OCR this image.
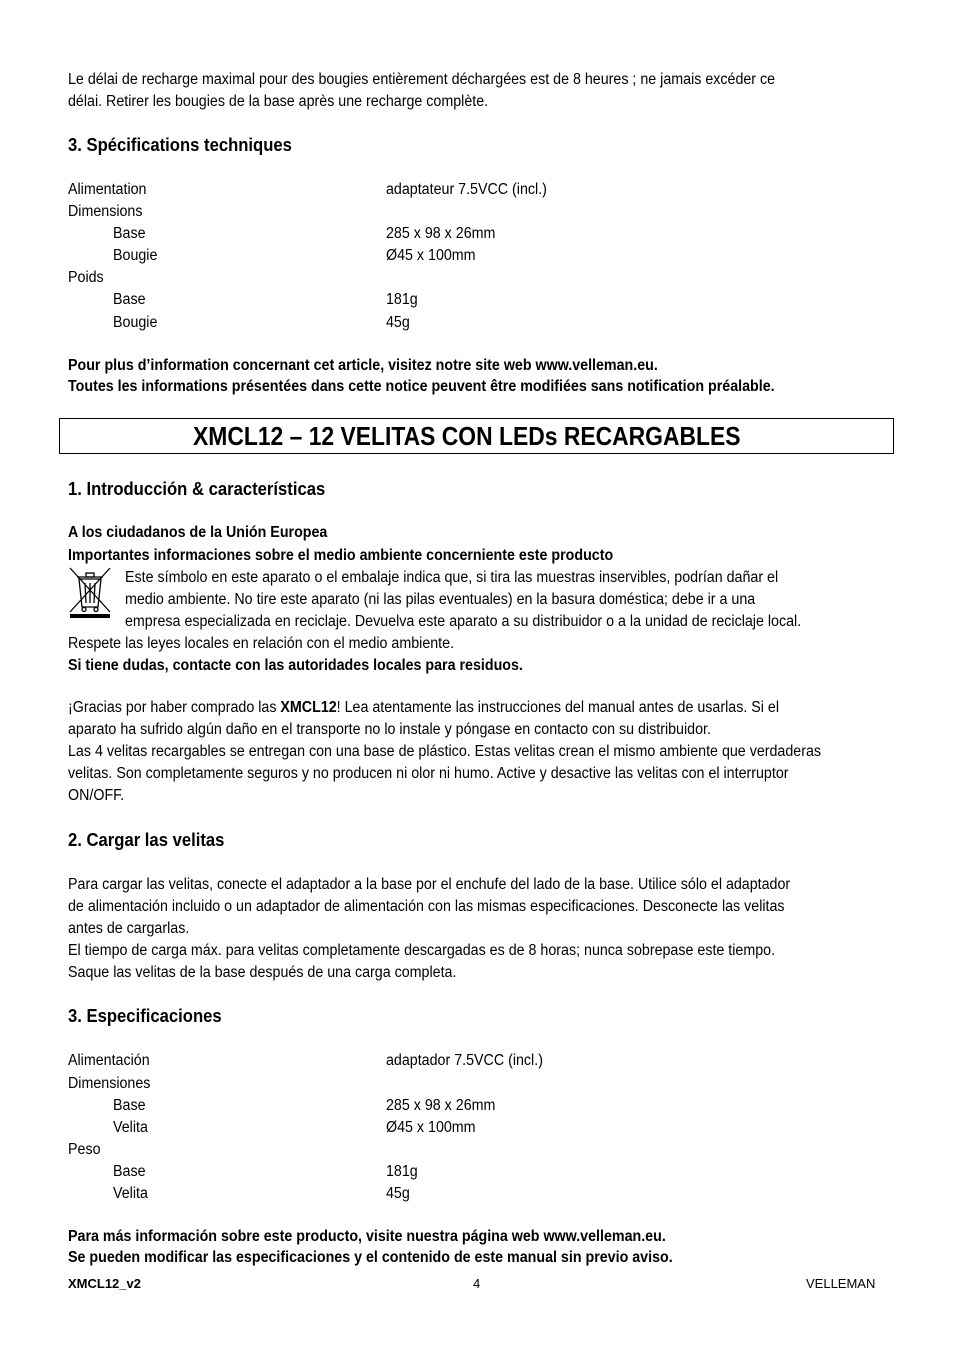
Le délai de recharge maximal pour des bougies entièrement déchargées est de 8 heures ; ne jamais excéder ce
délai. Retirer les bougies de la base après une recharge complète.
3. Spécifications techniques
Alimentation	adaptateur 7.5VCC (incl.)
Dimensions
Base	285 x 98 x 26mm
Bougie	Ø45 x 100mm
Poids
Base	181g
Bougie	45g
Pour plus d’information concernant cet article, visitez notre site web www.velleman.eu.
Toutes les informations présentées dans cette notice peuvent être modifiées sans notification préalable.
XMCL12 – 12 VELITAS CON LEDs RECARGABLES
1. Introducción & características
A los ciudadanos de la Unión Europea
Importantes informaciones sobre el medio ambiente concerniente este producto
Este símbolo en este aparato o el embalaje indica que, si tira las muestras inservibles, podrían dañar el
medio ambiente. No tire este aparato (ni las pilas eventuales) en la basura doméstica; debe ir a una
empresa especializada en reciclaje. Devuelva este aparato a su distribuidor o a la unidad de reciclaje local.
Respete las leyes locales en relación con el medio ambiente.
Si tiene dudas, contacte con las autoridades locales para residuos.
¡Gracias por haber comprado las XMCL12! Lea atentamente las instrucciones del manual antes de usarlas. Si el
aparato ha sufrido algún daño en el transporte no lo instale y póngase en contacto con su distribuidor.
Las 4 velitas recargables se entregan con una base de plástico. Estas velitas crean el mismo ambiente que verdaderas
velitas. Son completamente seguros y no producen ni olor ni humo. Active y desactive las velitas con el interruptor
ON/OFF.
2. Cargar las velitas
Para cargar las velitas, conecte el adaptador a la base por el enchufe del lado de la base. Utilice sólo el adaptador
de alimentación incluido o un adaptador de alimentación con las mismas especificaciones. Desconecte las velitas
antes de cargarlas.
El tiempo de carga máx. para velitas completamente descargadas es de 8 horas; nunca sobrepase este tiempo.
Saque las velitas de la base después de una carga completa.
3. Especificaciones
Alimentación	adaptador 7.5VCC (incl.)
Dimensiones
Base	285 x 98 x 26mm
Velita	Ø45 x 100mm
Peso
Base	181g
Velita	45g
Para más información sobre este producto, visite nuestra página web www.velleman.eu.
Se pueden modificar las especificaciones y el contenido de este manual sin previo aviso.
XMCL12_v2	4	VELLEMAN
